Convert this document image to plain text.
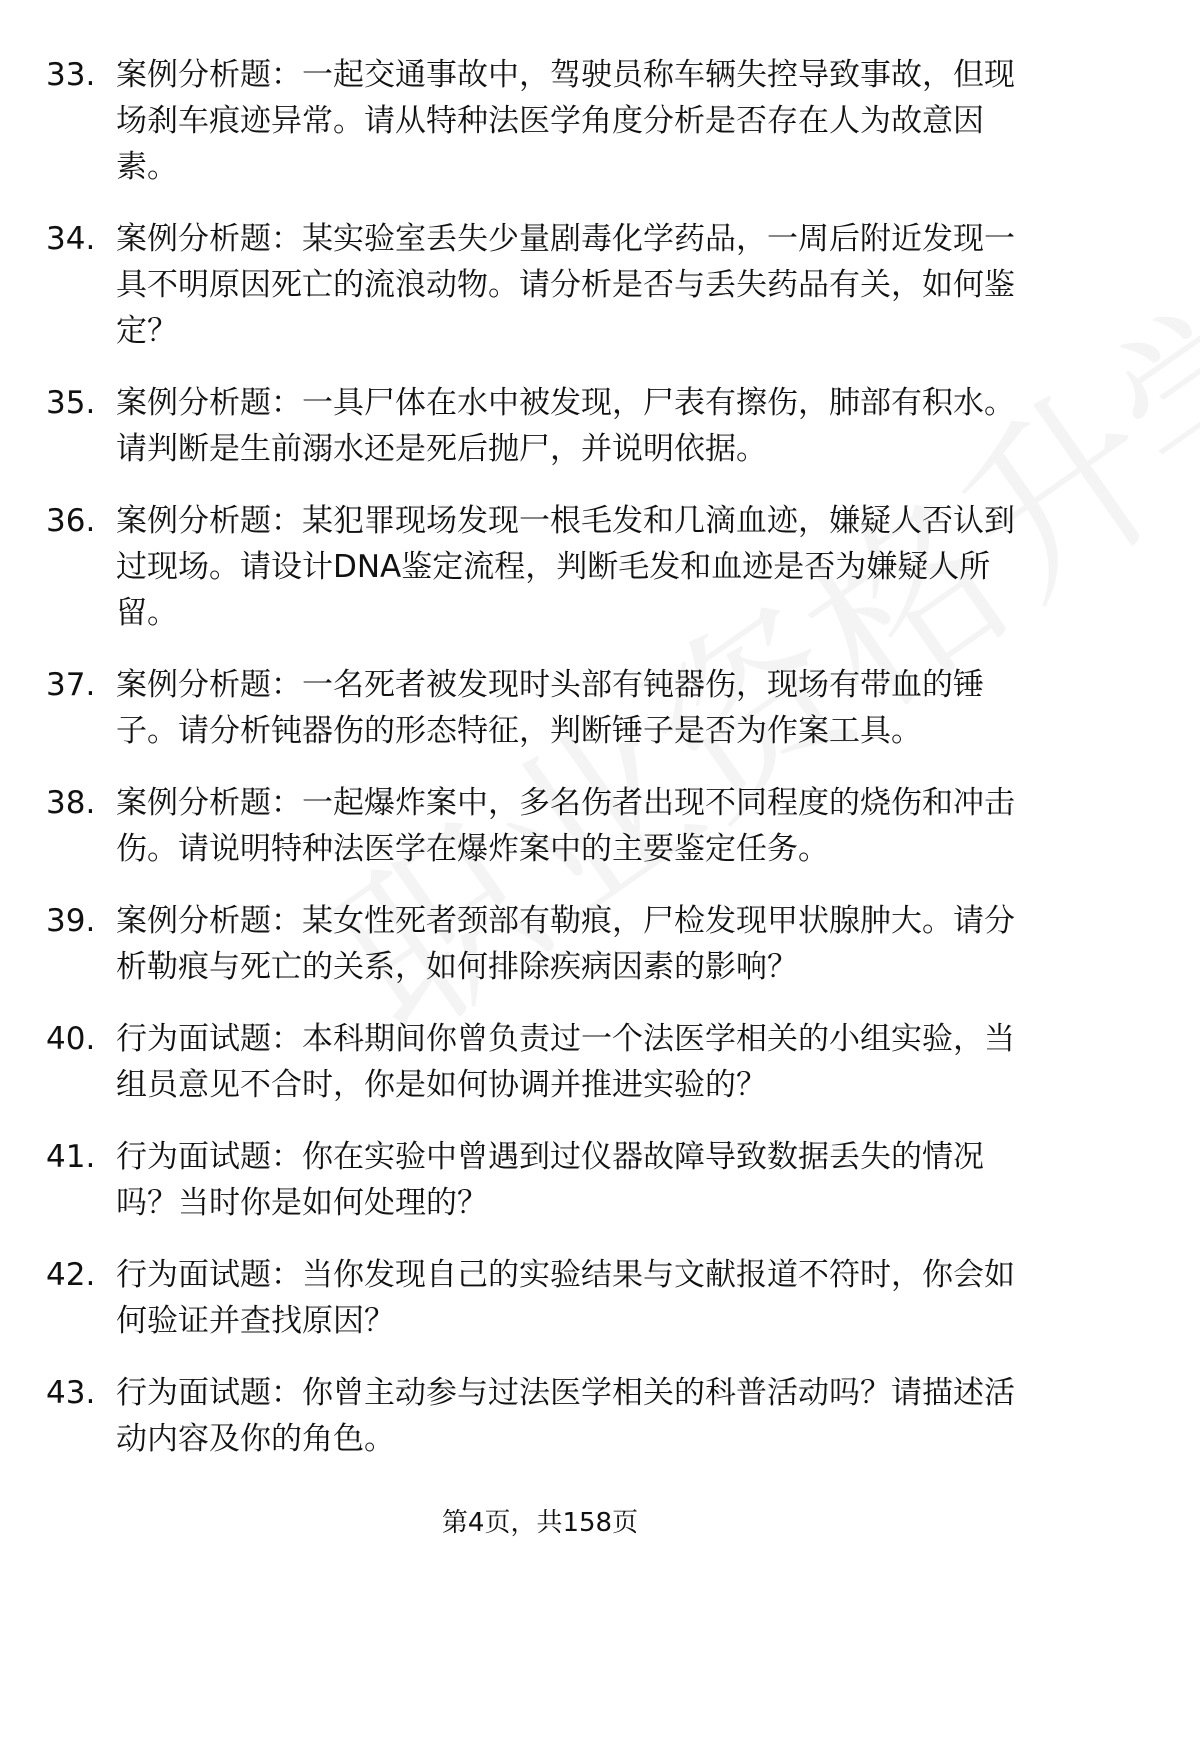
33. 案例分析题：一起交通事故中，驾驶员称车辆失控导致事故，但现场刹车痕迹异常。请从特种法医学角度分析是否存在人为故意因素。
34. 案例分析题：某实验室丢失少量剧毒化学药品，一周后附近发现一具不明原因死亡的流浪动物。请分析是否与丢失药品有关，如何鉴定？
35. 案例分析题：一具尸体在水中被发现，尸表有擦伤，肺部有积水。请判断是生前溺水还是死后抛尸，并说明依据。
36. 案例分析题：某犯罪现场发现一根毛发和几滴血迹，嫌疑人否认到过现场。请设计DNA鉴定流程，判断毛发和血迹是否为嫌疑人所留。
37. 案例分析题：一名死者被发现时头部有钝器伤，现场有带血的锤子。请分析钝器伤的形态特征，判断锤子是否为作案工具。
38. 案例分析题：一起爆炸案中，多名伤者出现不同程度的烧伤和冲击伤。请说明特种法医学在爆炸案中的主要鉴定任务。
39. 案例分析题：某女性死者颈部有勒痕，尸检发现甲状腺肿大。请分析勒痕与死亡的关系，如何排除疾病因素的影响？
40. 行为面试题：本科期间你曾负责过一个法医学相关的小组实验，当组员意见不合时，你是如何协调并推进实验的？
41. 行为面试题：你在实验中曾遇到过仪器故障导致数据丢失的情况吗？当时你是如何处理的？
42. 行为面试题：当你发现自己的实验结果与文献报道不符时，你会如何验证并查找原因？
43. 行为面试题：你曾主动参与过法医学相关的科普活动吗？请描述活动内容及你的角色。
第4页，共158页
